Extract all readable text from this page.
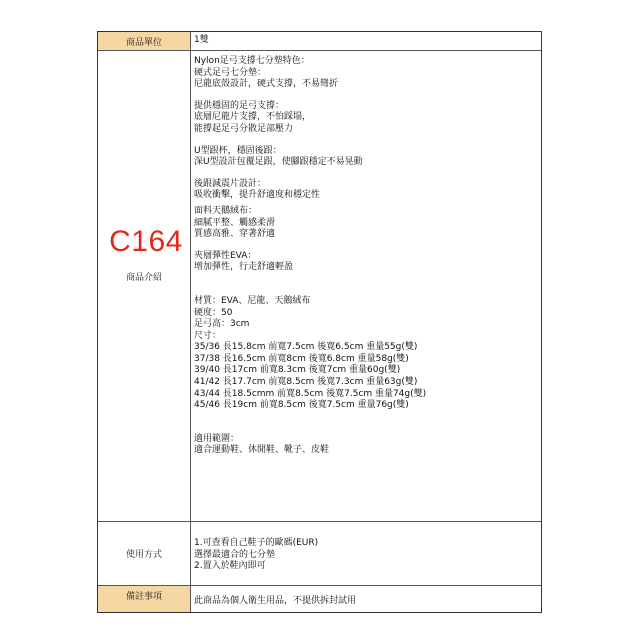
商品單位	1雙
C164
商品介紹
Nylon足弓支撐七分墊特色：
硬式足弓七分墊：
尼龍底殼設計，硬式支撐，不易彎折
提供穩固的足弓支撐：
底層尼龍片支撐，不怕踩塌，
能撐起足弓分散足部壓力
U型跟杯，穩固後跟：
深U型設計包覆足跟，使腳跟穩定不易晃動
後跟減震片設計：
吸收衝擊，提升舒適度和穩定性
面料天鵝絨布：
細膩平整、觸感柔滑
質感高雅、穿著舒適
夾層彈性EVA：
增加彈性，行走舒適輕盈
材質：EVA、尼龍、天鵝絨布
硬度：50
足弓高：3cm
尺寸：
35/36 長15.8cm 前寬7.5cm 後寬6.5cm 重量55g(雙)
37/38 長16.5cm 前寬8cm 後寬6.8cm 重量58g(雙)
39/40 長17cm 前寬8.3cm 後寬7cm 重量60g(雙)
41/42 長17.7cm 前寬8.5cm 後寬7.3cm 重量63g(雙)
43/44 長18.5cmm 前寬8.5cm 後寬7.5cm 重量74g(雙)
45/46 長19cm 前寬8.5cm 後寬7.5cm 重量76g(雙)
適用範圍：
適合運動鞋、休閒鞋、靴子、皮鞋
使用方式
1.可查看自己鞋子的歐碼(EUR)
選擇最適合的七分墊
2.置入於鞋內即可
備註事項	此商品為個人衛生用品，不提供拆封試用
